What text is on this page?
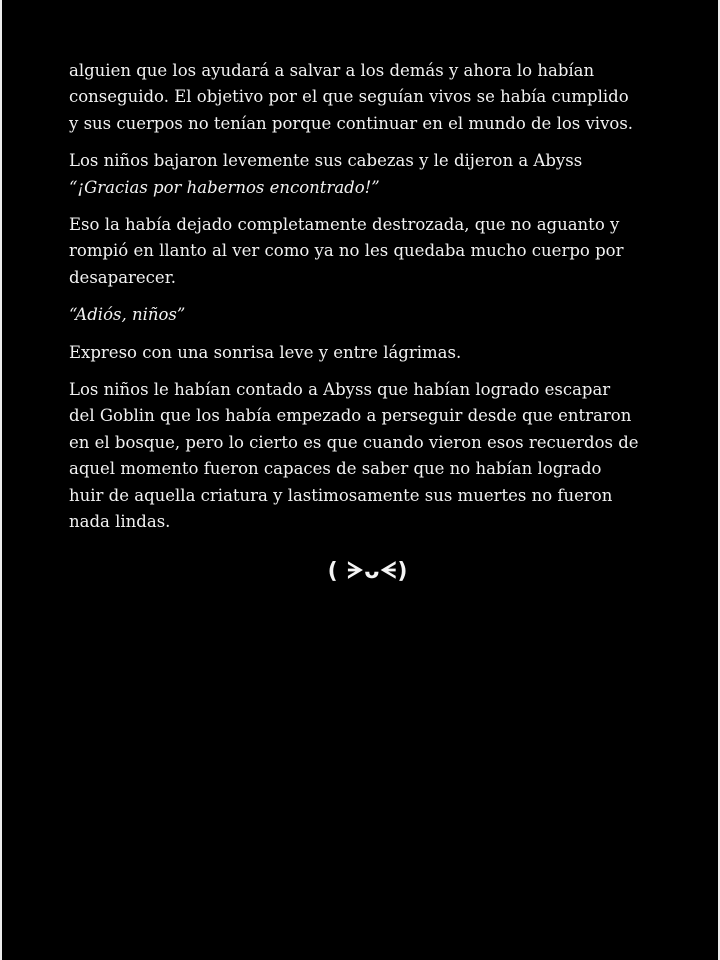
alguien que los ayudará a salvar a los demás y ahora lo habían
conseguido. El objetivo por el que seguían vivos se había cumplido
y sus cuerpos no tenían porque continuar en el mundo de los vivos.

Los niños bajaron levemente sus cabezas y le dijeron a Abyss
“¡Gracias por habernos encontrado!”

Eso la había dejado completamente destrozada, que no aguanto y
rompió en llanto al ver como ya no les quedaba mucho cuerpo por
desaparecer.

“Adiós, niños”

Expreso con una sonrisa leve y entre lágrimas.

Los niños le habían contado a Abyss que habían logrado escapar
del Goblin que los había empezado a perseguir desde que entraron
en el bosque, pero lo cierto es que cuando vieron esos recuerdos de
aquel momento fueron capaces de saber que no habían logrado
huir de aquella criatura y lastimosamente sus muertes no fueron
nada lindas.

( ᗒᴗᗕ)
